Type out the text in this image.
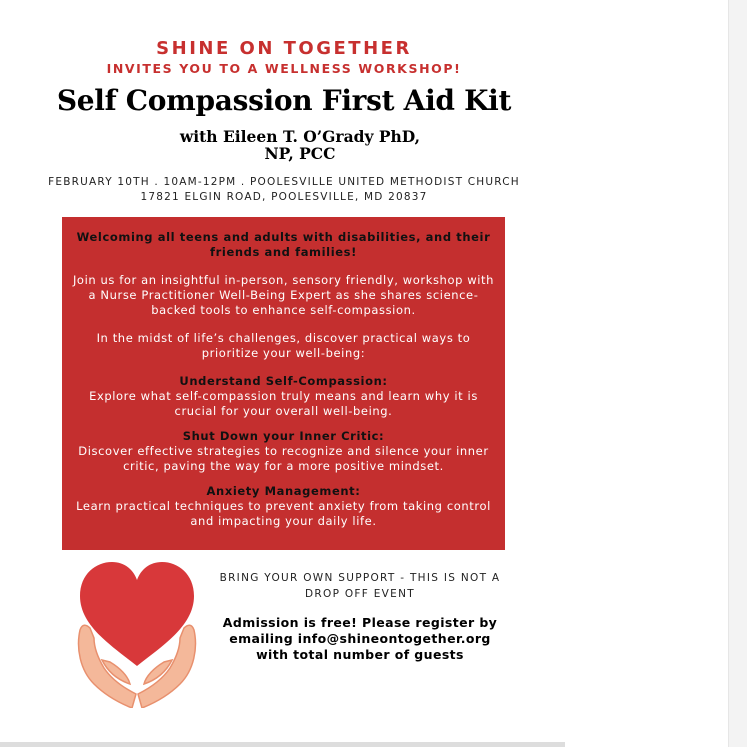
SHINE ON TOGETHER
INVITES YOU TO A WELLNESS WORKSHOP!
Self Compassion First Aid Kit
with Eileen T. O’Grady PhD,
NP, PCC
FEBRUARY 10TH . 10AM-12PM . POOLESVILLE UNITED METHODIST CHURCH
17821 ELGIN ROAD, POOLESVILLE, MD 20837

Welcoming all teens and adults with disabilities, and their friends and families!

Join us for an insightful in-person, sensory friendly, workshop with a Nurse Practitioner Well-Being Expert as she shares science-backed tools to enhance self-compassion.

In the midst of life’s challenges, discover practical ways to prioritize your well-being:

Understand Self-Compassion:

Explore what self-compassion truly means and learn why it is crucial for your overall well-being.

Shut Down your Inner Critic:

Discover effective strategies to recognize and silence your inner critic, paving the way for a more positive mindset.

Anxiety Management:

Learn practical techniques to prevent anxiety from taking control and impacting your daily life.

BRING YOUR OWN SUPPORT - THIS IS NOT A DROP OFF EVENT
Admission is free! Please register by emailing info@shineontogether.org with total number of guests
